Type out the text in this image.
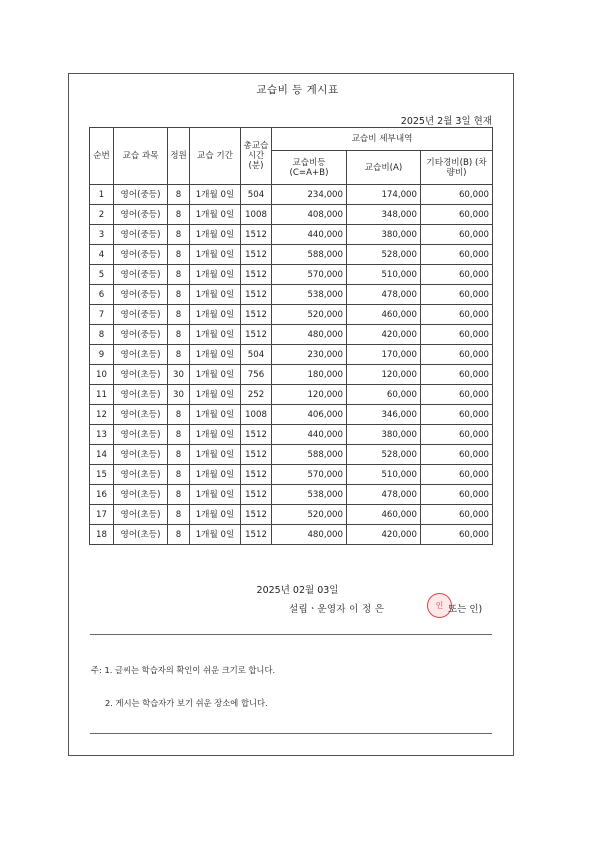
교습비 등 게시표
2025년 2월 3일 현재
순번	교습 과목	정원	교습 기간	총교습시간(분)	교습비 세부내역		
					교습비등 (C=A+B)	교습비(A)	기타경비(B) (차량비)
1	영어(중등)	8	1개월 0일	504	234,000	174,000	60,000
2	영어(중등)	8	1개월 0일	1008	408,000	348,000	60,000
3	영어(중등)	8	1개월 0일	1512	440,000	380,000	60,000
4	영어(중등)	8	1개월 0일	1512	588,000	528,000	60,000
5	영어(중등)	8	1개월 0일	1512	570,000	510,000	60,000
6	영어(중등)	8	1개월 0일	1512	538,000	478,000	60,000
7	영어(중등)	8	1개월 0일	1512	520,000	460,000	60,000
8	영어(중등)	8	1개월 0일	1512	480,000	420,000	60,000
9	영어(초등)	8	1개월 0일	504	230,000	170,000	60,000
10	영어(초등)	30	1개월 0일	756	180,000	120,000	60,000
11	영어(초등)	30	1개월 0일	252	120,000	60,000	60,000
12	영어(초등)	8	1개월 0일	1008	406,000	346,000	60,000
13	영어(초등)	8	1개월 0일	1512	440,000	380,000	60,000
14	영어(초등)	8	1개월 0일	1512	588,000	528,000	60,000
15	영어(초등)	8	1개월 0일	1512	570,000	510,000	60,000
16	영어(초등)	8	1개월 0일	1512	538,000	478,000	60,000
17	영어(초등)	8	1개월 0일	1512	520,000	460,000	60,000
18	영어(초등)	8	1개월 0일	1512	480,000	420,000	60,000
2025년 02월 03일
설립ㆍ운영자 이 정 은	인 또는 인)
주: 1. 글씨는 학습자의 확인이 쉬운 크기로 합니다.
2. 게시는 학습자가 보기 쉬운 장소에 합니다.
